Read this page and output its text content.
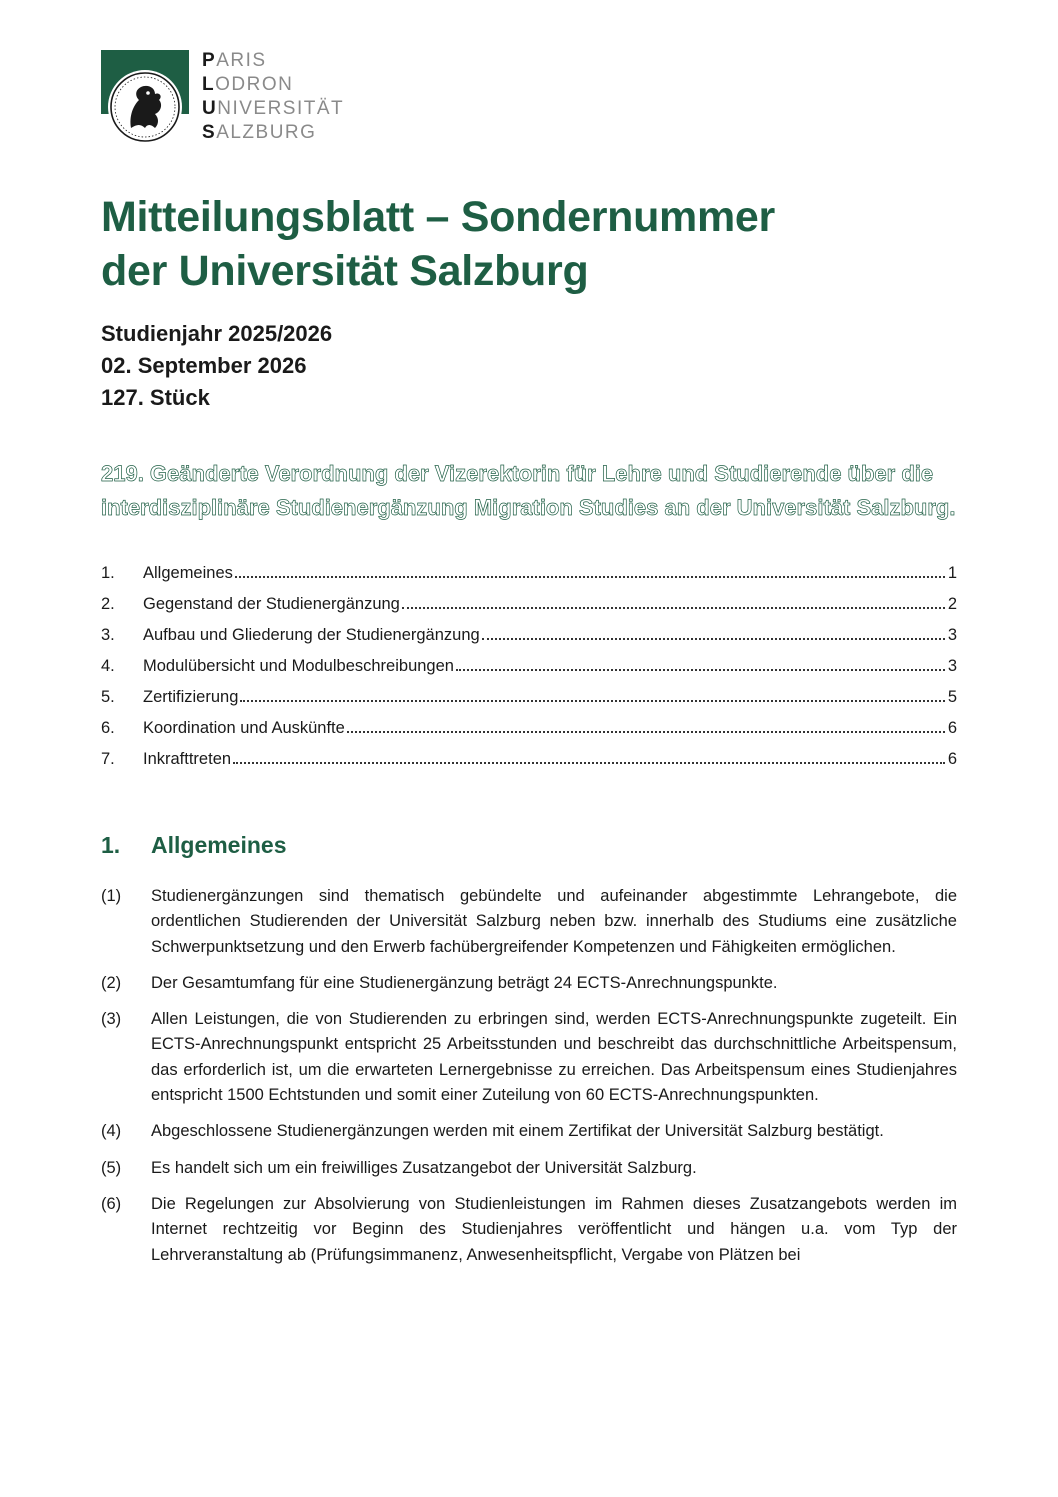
PARIS
LODRON
UNIVERSITÄT
SALZBURG
Mitteilungsblatt – Sondernummer
der Universität Salzburg
Studienjahr 2025/2026
02. September 2026
127. Stück
219. Geänderte Verordnung der Vizerektorin für Lehre und Studierende über die
interdisziplinäre Studienergänzung Migration Studies an der Universität Salzburg.
1.	Allgemeines	1
2.	Gegenstand der Studienergänzung	2
3.	Aufbau und Gliederung der Studienergänzung	3
4.	Modulübersicht und Modulbeschreibungen	3
5.	Zertifizierung	5
6.	Koordination und Auskünfte	6
7.	Inkrafttreten	6
1. Allgemeines
(1) Studienergänzungen sind thematisch gebündelte und aufeinander abgestimmte Lehrangebote, die ordentlichen Studierenden der Universität Salzburg neben bzw. innerhalb des Studiums eine zusätzliche Schwerpunktsetzung und den Erwerb fachübergreifender Kompetenzen und Fähigkeiten ermöglichen.
(2) Der Gesamtumfang für eine Studienergänzung beträgt 24 ECTS-Anrechnungspunkte.
(3) Allen Leistungen, die von Studierenden zu erbringen sind, werden ECTS-Anrechnungspunkte zugeteilt. Ein ECTS-Anrechnungspunkt entspricht 25 Arbeitsstunden und beschreibt das durchschnittliche Arbeitspensum, das erforderlich ist, um die erwarteten Lernergebnisse zu erreichen. Das Arbeitspensum eines Studienjahres entspricht 1500 Echtstunden und somit einer Zuteilung von 60 ECTS-Anrechnungspunkten.
(4) Abgeschlossene Studienergänzungen werden mit einem Zertifikat der Universität Salzburg bestätigt.
(5) Es handelt sich um ein freiwilliges Zusatzangebot der Universität Salzburg.
(6) Die Regelungen zur Absolvierung von Studienleistungen im Rahmen dieses Zusatzangebots werden im Internet rechtzeitig vor Beginn des Studienjahres veröffentlicht und hängen u.a. vom Typ der Lehrveranstaltung ab (Prüfungsimmanenz, Anwesenheitspflicht, Vergabe von Plätzen bei
